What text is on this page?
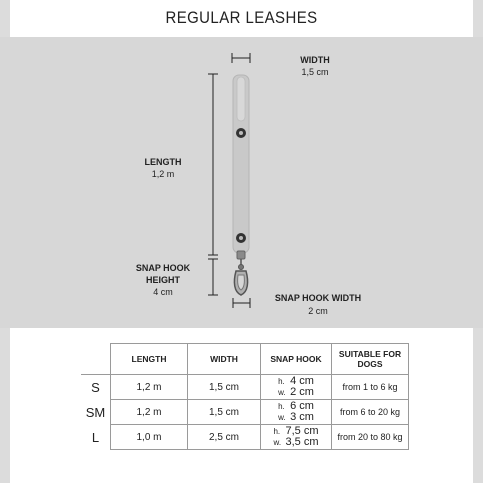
REGULAR LEASHES
WIDTH
1,5 cm
LENGTH
1,2 m
SNAP HOOK
HEIGHT
4 cm
SNAP HOOK WIDTH
2 cm
	LENGTH	WIDTH	SNAP HOOK	SUITABLE FOR DOGS
S	1,2 m	1,5 cm	h. 4 cm
w. 2 cm	from 1 to 6 kg
SM	1,2 m	1,5 cm	h. 6 cm
w. 3 cm	from 6 to 20 kg
L	1,0 m	2,5 cm	h. 7,5 cm
w. 3,5 cm	from 20 to 80 kg
